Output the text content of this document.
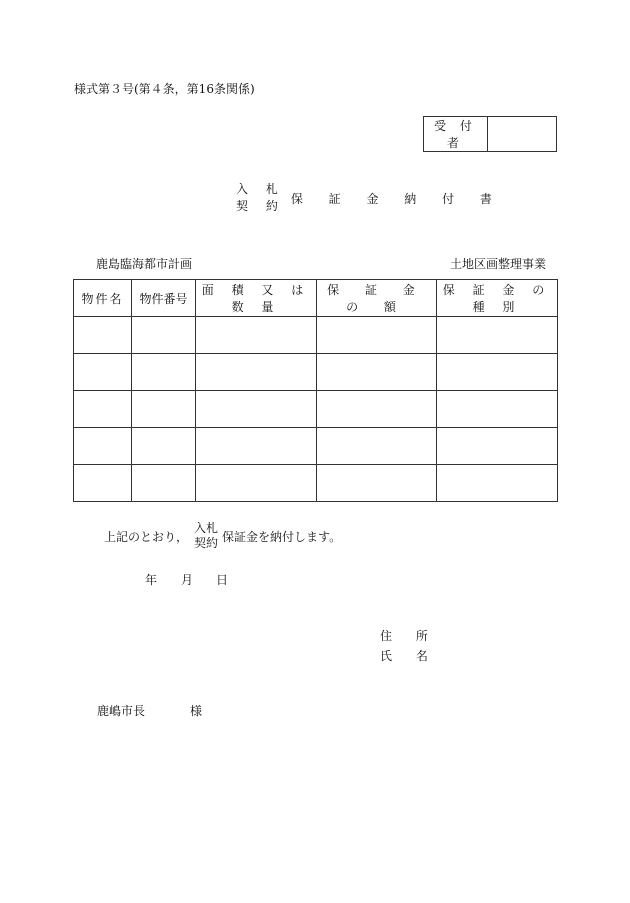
様式第３号(第４条，第16条関係)
受 付 者	
入 札
契 約
保 証 金 納 付 書
鹿島臨海都市計画	土地区画整理事業
物件名	物件番号	面 積 又 は 数 量	保 証 金 の 額	保 証 金 の 種 別

上記のとおり，
入札
契約 保証金を納付します。
年 月 日
住 所
氏 名
鹿嶋市長	様
